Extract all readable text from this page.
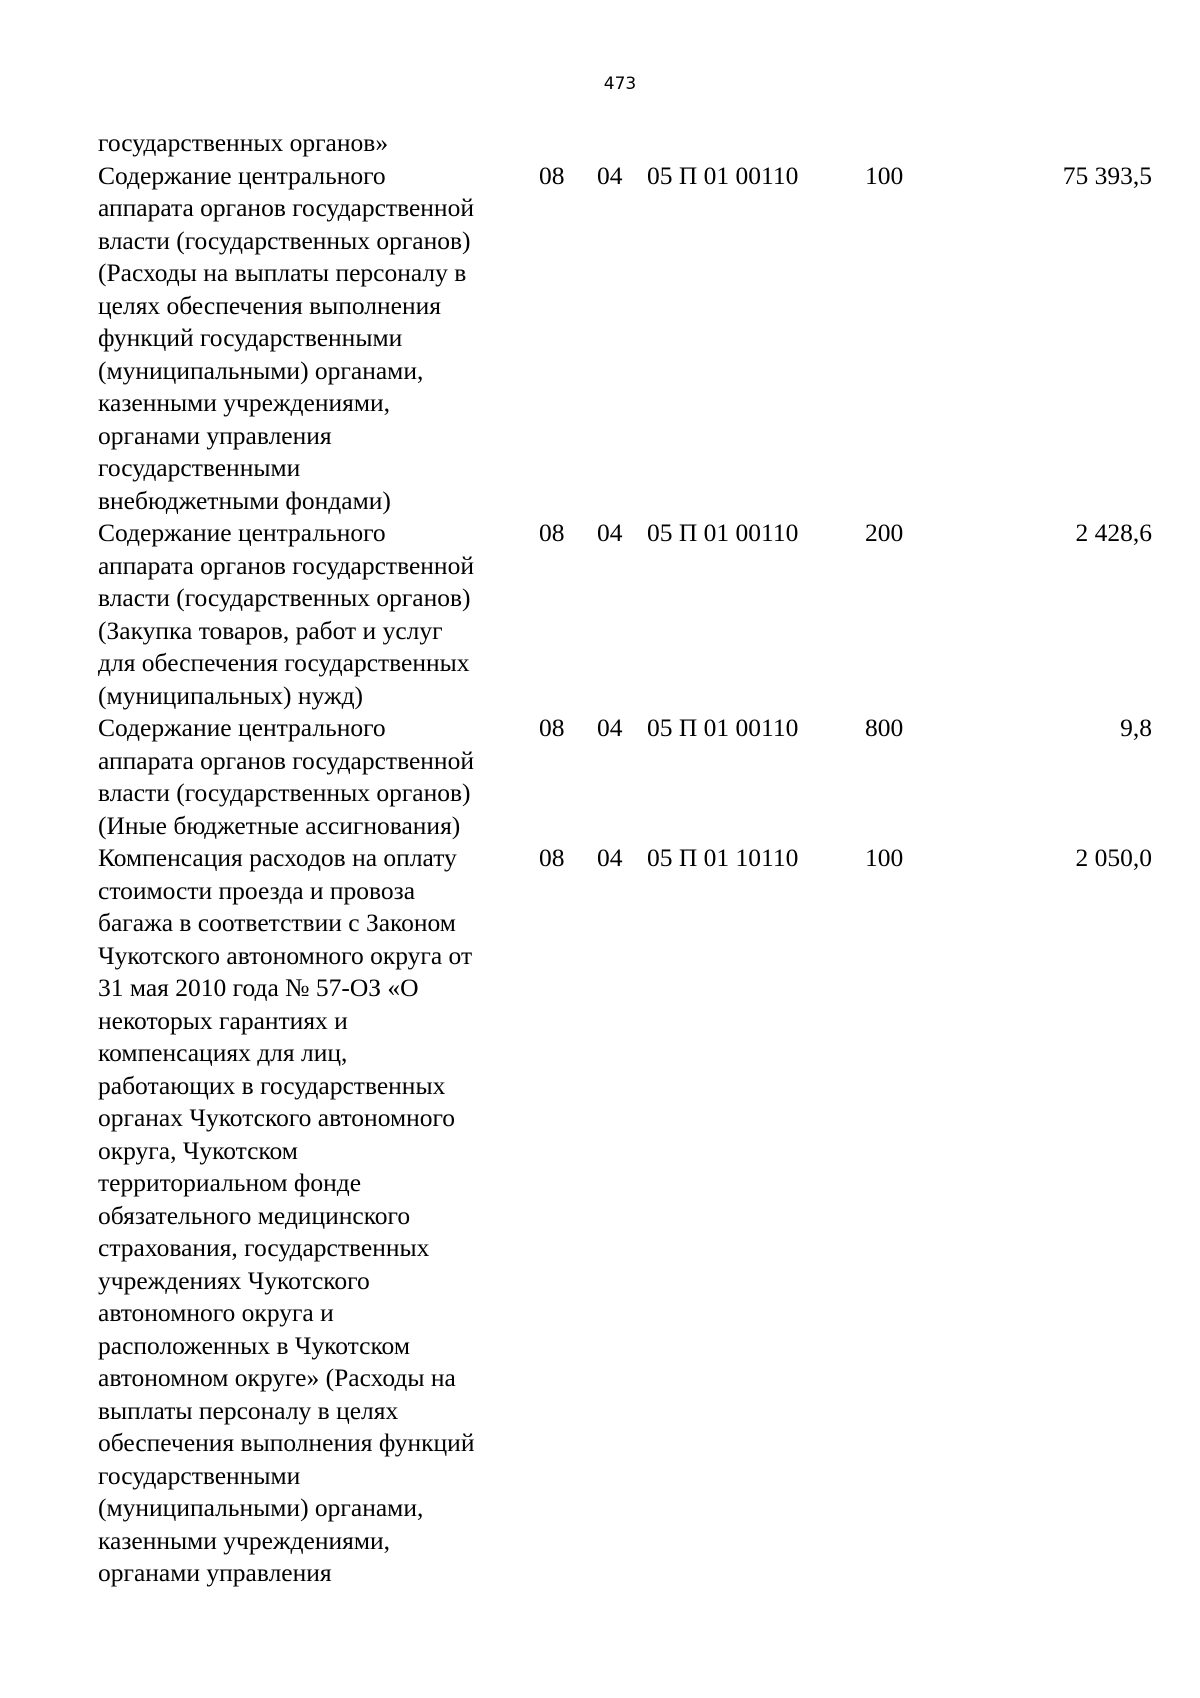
473
государственных органов»
Содержание центрального
аппарата органов государственной
власти (государственных органов)
(Расходы на выплаты персоналу в
целях обеспечения выполнения
функций государственными
(муниципальными) органами,
казенными учреждениями,
органами управления
государственными
внебюджетными фондами)
08	04 05 П 01 00110	100	75 393,5
Содержание центрального
аппарата органов государственной
власти (государственных органов)
(Закупка товаров, работ и услуг
для обеспечения государственных
(муниципальных) нужд)
08	04 05 П 01 00110	200	2 428,6
Содержание центрального
аппарата органов государственной
власти (государственных органов)
(Иные бюджетные ассигнования)
08	04 05 П 01 00110	800	9,8
Компенсация расходов на оплату
стоимости проезда и провоза
багажа в соответствии с Законом
Чукотского автономного округа от
31 мая 2010 года № 57-ОЗ «О
некоторых гарантиях и
компенсациях для лиц,
работающих в государственных
органах Чукотского автономного
округа, Чукотском
территориальном фонде
обязательного медицинского
страхования, государственных
учреждениях Чукотского
автономного округа и
расположенных в Чукотском
автономном округе» (Расходы на
выплаты персоналу в целях
обеспечения выполнения функций
государственными
(муниципальными) органами,
казенными учреждениями,
органами управления
08	04 05 П 01 10110	100	2 050,0
